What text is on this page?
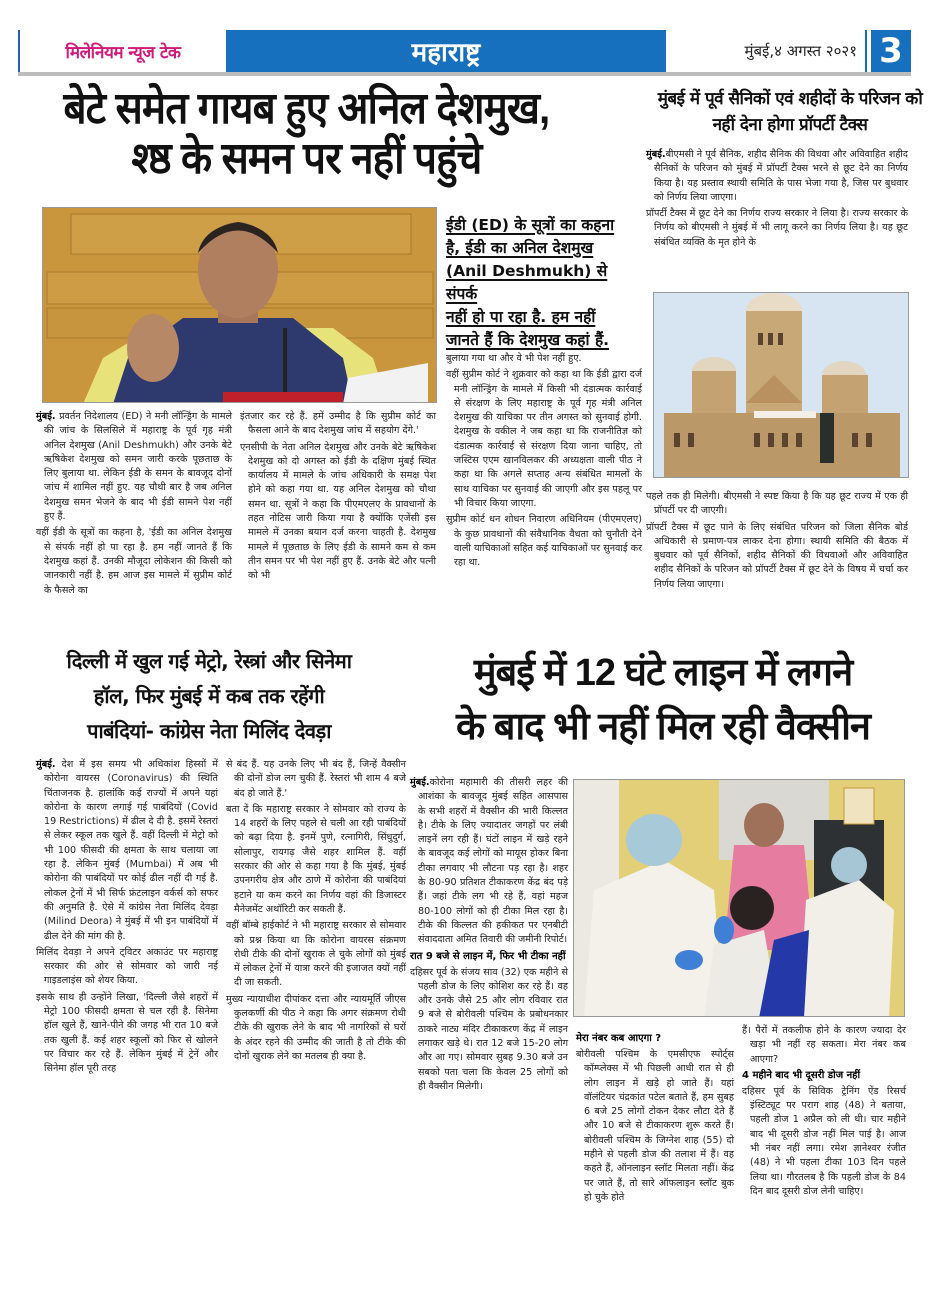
मिलेनियम न्यूज टेक	महाराष्ट्र	मुंबई,४ अगस्त २०२१ 3
बेटे समेत गायब हुए अनिल देशमुख,
श्ष्ठ के समन पर नहीं पहुंचे
ईडी (ED) के सूत्रों का कहना
है, ईडी का अनिल देशमुख
(Anil Deshmukh) से संपर्क
नहीं हो पा रहा है. हम नहीं
जानते हैं कि देशमुख कहां हैं.

मुंबई. प्रवर्तन निदेशालय (ED) ने मनी लॉन्ड्रिंग के मामले की जांच के सिलसिले में महाराष्ट्र के पूर्व गृह मंत्री अनिल देशमुख (Anil Deshmukh) और उनके बेटे ऋषिकेश देशमुख को समन जारी करके पूछताछ के लिए बुलाया था. लेकिन ईडी के समन के बावजूद दोनों जांच में शामिल नहीं हुए. यह चौथी बार है जब अनिल देशमुख समन भेजने के बाद भी ईडी सामने पेश नहीं हुए हैं.

वहीं ईडी के सूत्रों का कहना है, 'ईडी का अनिल देशमुख से संपर्क नहीं हो पा रहा है. हम नहीं जानते हैं कि देशमुख कहां हैं. उनकी मौजूदा लोकेशन की किसी को जानकारी नहीं है. हम आज इस मामले में सुप्रीम कोर्ट के फैसले का

इंतजार कर रहे हैं. हमें उम्मीद है कि सुप्रीम कोर्ट का फैसला आने के बाद देशमुख जांच में सहयोग देंगे.'

एनसीपी के नेता अनिल देशमुख और उनके बेटे ऋषिकेश देशमुख को दो अगस्त को ईडी के दक्षिण मुंबई स्थित कार्यालय में मामले के जांच अधिकारी के समक्ष पेश होने को कहा गया था. यह अनिल देशमुख को चौथा समन था. सूत्रों ने कहा कि पीएमएलए के प्रावधानों के तहत नोटिस जारी किया गया है क्योंकि एजेंसी इस मामले में उनका बयान दर्ज करना चाहती है. देशमुख मामले में पूछताछ के लिए ईडी के सामने कम से कम तीन समन पर भी पेश नहीं हुए हैं. उनके बेटे और पत्नी को भी

बुलाया गया था और वे भी पेश नहीं हुए.

वहीं सुप्रीम कोर्ट ने शुक्रवार को कहा था कि ईडी द्वारा दर्ज मनी लॉन्ड्रिंग के मामले में किसी भी दंडात्मक कार्रवाई से संरक्षण के लिए महाराष्ट्र के पूर्व गृह मंत्री अनिल देशमुख की याचिका पर तीन अगस्त को सुनवाई होगी. देशमुख के वकील ने जब कहा था कि राजनीतिज्ञ को दंडात्मक कार्रवाई से संरक्षण दिया जाना चाहिए, तो जस्टिस एएम खानविलकर की अध्यक्षता वाली पीठ ने कहा था कि अगले सप्ताह अन्य संबंधित मामलों के साथ याचिका पर सुनवाई की जाएगी और इस पहलू पर भी विचार किया जाएगा.

सुप्रीम कोर्ट धन शोधन निवारण अधिनियम (पीएमएलए) के कुछ प्रावधानों की संवैधानिक वैधता को चुनौती देने वाली याचिकाओं सहित कई याचिकाओं पर सुनवाई कर रहा था.

मुंबई में पूर्व सैनिकों एवं शहीदों के परिजन को नहीं देना होगा प्रॉपर्टी टैक्स

मुंबई.बीएमसी ने पूर्व सैनिक, शहीद सैनिक की विधवा और अविवाहित शहीद सैनिकों के परिजन को मुंबई में प्रॉपर्टी टैक्स भरने से छूट देने का निर्णय किया है। यह प्रस्ताव स्थायी समिति के पास भेजा गया है, जिस पर बुधवार को निर्णय लिया जाएगा।

प्रॉपर्टी टैक्स में छूट देने का निर्णय राज्य सरकार ने लिया है। राज्य सरकार के निर्णय को बीएमसी ने मुंबई में भी लागू करने का निर्णय लिया है। यह छूट संबंधित व्यक्ति के मृत होने के

पहले तक ही मिलेगी। बीएमसी ने स्पष्ट किया है कि यह छूट राज्य में एक ही प्रॉपर्टी पर दी जाएगी।

प्रॉपर्टी टैक्स में छूट पाने के लिए संबंधित परिजन को जिला सैनिक बोर्ड अधिकारी से प्रमाण-पत्र लाकर देना होगा। स्थायी समिति की बैठक में बुधवार को पूर्व सैनिकों, शहीद सैनिकों की विधवाओं और अविवाहित शहीद सैनिकों के परिजन को प्रॉपर्टी टैक्स में छूट देने के विषय में चर्चा कर निर्णय लिया जाएगा।

दिल्ली में खुल गई मेट्रो, रेस्त्रां और सिनेमा
हॉल, फिर मुंबई में कब तक रहेंगी
पाबंदियां- कांग्रेस नेता मिलिंद देवड़ा

मुंबई. देश में इस समय भी अधिकांश हिस्सों में कोरोना वायरस (Coronavirus) की स्थिति चिंताजनक है. हालांकि कई राज्यों में अपने यहां कोरोना के कारण लगाई गई पाबंदियों (Covid 19 Restrictions) में ढील दे दी है. इसमें रेस्तरां से लेकर स्कूल तक खुले हैं. वहीं दिल्ली में मेट्रो को भी 100 फीसदी की क्षमता के साथ चलाया जा रहा है. लेकिन मुंबई (Mumbai) में अब भी कोरोना की पाबंदियों पर कोई ढील नहीं दी गई है. लोकल ट्रेनों में भी सिर्फ फ्रंटलाइन वर्कर्स को सफर की अनुमति है. ऐसे में कांग्रेस नेता मिलिंद देवड़ा (Milind Deora) ने मुंबई में भी इन पाबंदियों में ढील देने की मांग की है.

मिलिंद देवड़ा ने अपने ट्विटर अकाउंट पर महाराष्ट्र सरकार की ओर से सोमवार को जारी नई गाइडलाइंस को शेयर किया.

इसके साथ ही उन्होंने लिखा, 'दिल्ली जैसे शहरों में मेट्रो 100 फीसदी क्षमता से चल रही है. सिनेमा हॉल खुले हैं, खाने-पीने की जगह भी रात 10 बजे तक खुली हैं. कई शहर स्कूलों को फिर से खोलने पर विचार कर रहे हैं. लेकिन मुंबई में ट्रेनें और सिनेमा हॉल पूरी तरह

से बंद हैं. यह उनके लिए भी बंद हैं, जिन्हें वैक्सीन की दोनों डोज लग चुकी हैं. रेस्तरां भी शाम 4 बजे बंद हो जाते हैं.'

बता दें कि महाराष्ट्र सरकार ने सोमवार को राज्य के 14 शहरों के लिए पहले से चली आ रही पाबंदियों को बढ़ा दिया है. इनमें पुणे, रत्नागिरी, सिंधुदुर्ग, सोलापुर, रायगढ़ जैसे शहर शामिल हैं. वहीं सरकार की ओर से कहा गया है कि मुंबई, मुंबई उपनगरीय क्षेत्र और ठाणे में कोरोना की पाबंदियां हटाने या कम करने का निर्णय वहां की डिजास्टर मैनेजमेंट अथॉरिटी कर सकती हैं.

वहीं बॉम्बे हाईकोर्ट ने भी महाराष्ट्र सरकार से सोमवार को प्रश्न किया था कि कोरोना वायरस संक्रमण रोधी टीके की दोनों खुराक ले चुके लोगों को मुंबई में लोकल ट्रेनों में यात्रा करने की इजाजत क्यों नहीं दी जा सकती.

मुख्य न्यायाधीश दीपांकर दत्ता और न्यायमूर्ति जीएस कुलकर्णी की पीठ ने कहा कि अगर संक्रमण रोधी टीके की खुराक लेने के बाद भी नागरिकों से घरों के अंदर रहने की उम्मीद की जाती है तो टीके की दोनों खुराक लेने का मतलब ही क्या है.

मुंबई में 12 घंटे लाइन में लगने
के बाद भी नहीं मिल रही वैक्सीन

मुंबई.कोरोना महामारी की तीसरी लहर की आशंका के बावजूद मुंबई सहित आसपास के सभी शहरों में वैक्सीन की भारी किल्लत है। टीके के लिए ज्यादातर जगहों पर लंबी लाइनें लग रही हैं। घंटों लाइन में खड़े रहने के बावजूद कई लोगों को मायूस होकर बिना टीका लगवाए भी लौटना पड़ रहा है। शहर के 80-90 प्रतिशत टीकाकरण केंद्र बंद पड़े हैं। जहां टीके लग भी रहे हैं, वहां महज 80-100 लोगों को ही टीका मिल रहा है। टीके की किल्लत की हकीकत पर एनबीटी संवाददाता अमित तिवारी की जमीनी रिपोर्ट।

रात 9 बजे से लाइन में, फिर भी टीका नहीं

दहिसर पूर्व के संजय साव (32) एक महीने से पहली डोज के लिए कोशिश कर रहे हैं। वह और उनके जैसे 25 और लोग रविवार रात 9 बजे से बोरीवली पश्चिम के प्रबोधनकार ठाकरे नाट्य मंदिर टीकाकरण केंद्र में लाइन लगाकर खड़े थे। रात 12 बजे 15-20 लोग और आ गए। सोमवार सुबह 9.30 बजे उन सबको पता चला कि केवल 25 लोगों को ही वैक्सीन मिलेगी।

मेरा नंबर कब आएगा ?

बोरीवली पश्चिम के एमसीएफ स्पोर्ट्स कॉम्प्लेक्स में भी पिछली आधी रात से ही लोग लाइन में खड़े हो जाते हैं। यहां वॉलंटियर चंद्रकांत पटेल बताते हैं, हम सुबह 6 बजे 25 लोगों टोकन देकर लौटा देते हैं और 10 बजे से टीकाकरण शुरू करते हैं। बोरीवली पश्चिम के जिग्नेश शाह (55) दो महीने से पहली डोज की तलाश में हैं। वह कहते हैं, ऑनलाइन स्लॉट मिलता नहीं। केंद्र पर जाते हैं, तो सारे ऑफलाइन स्लॉट बुक हो चुके होते

हैं। पैरों में तकलीफ होने के कारण ज्यादा देर खड़ा भी नहीं रह सकता। मेरा नंबर कब आएगा?

4 महीने बाद भी दूसरी डोज नहीं

दहिसर पूर्व के सिविक ट्रेनिंग ऐंड रिसर्च इंस्टिट्यूट पर पराग शाह (48) ने बताया, पहली डोज 1 अप्रैल को ली थी। चार महीने बाद भी दूसरी डोज नहीं मिल पाई है। आज भी नंबर नहीं लगा। रमेश ज्ञानेश्वर रंजीत (48) ने भी पहला टीका 103 दिन पहले लिया था। गौरतलब है कि पहली डोज के 84 दिन बाद दूसरी डोज लेनी चाहिए।
